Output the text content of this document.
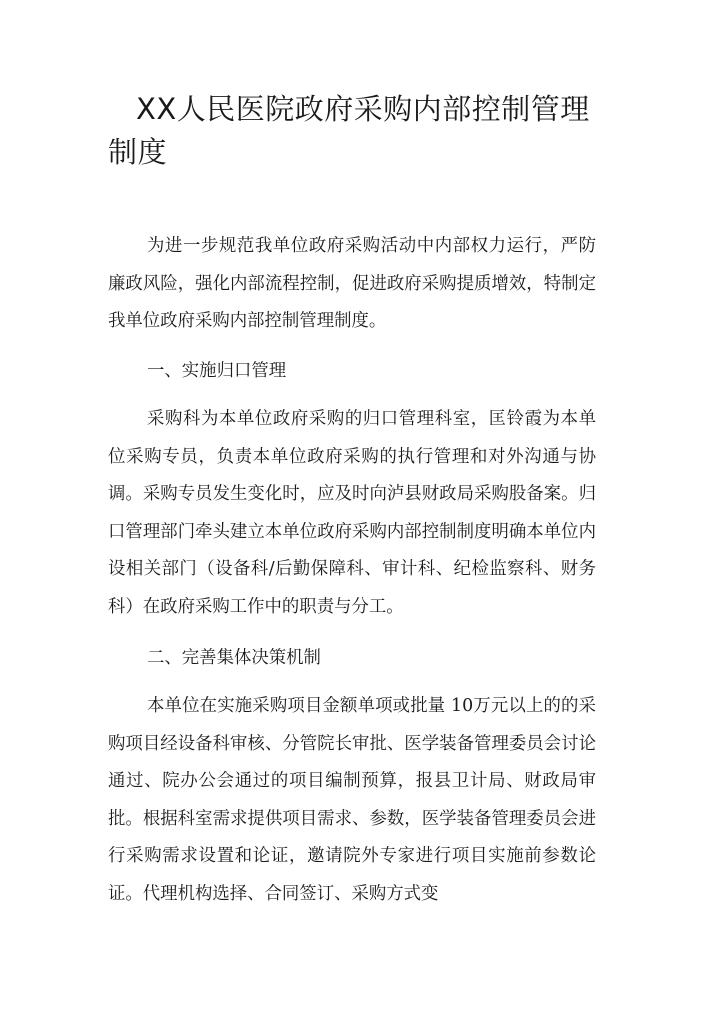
XX人民医院政府采购内部控制管理制度

为进一步规范我单位政府采购活动中内部权力运行，严防廉政风险，强化内部流程控制，促进政府采购提质增效，特制定我单位政府采购内部控制管理制度。

一、实施归口管理

采购科为本单位政府采购的归口管理科室，匡铃霞为本单位采购专员，负责本单位政府采购的执行管理和对外沟通与协调。采购专员发生变化时，应及时向泸县财政局采购股备案。归口管理部门牵头建立本单位政府采购内部控制制度明确本单位内设相关部门（设备科/后勤保障科、审计科、纪检监察科、财务科）在政府采购工作中的职责与分工。

二、完善集体决策机制

本单位在实施采购项目金额单项或批量 10万元以上的的采购项目经设备科审核、分管院长审批、医学装备管理委员会讨论通过、院办公会通过的项目编制预算，报县卫计局、财政局审批。根据科室需求提供项目需求、参数，医学装备管理委员会进行采购需求设置和论证，邀请院外专家进行项目实施前参数论证。代理机构选择、合同签订、采购方式变
